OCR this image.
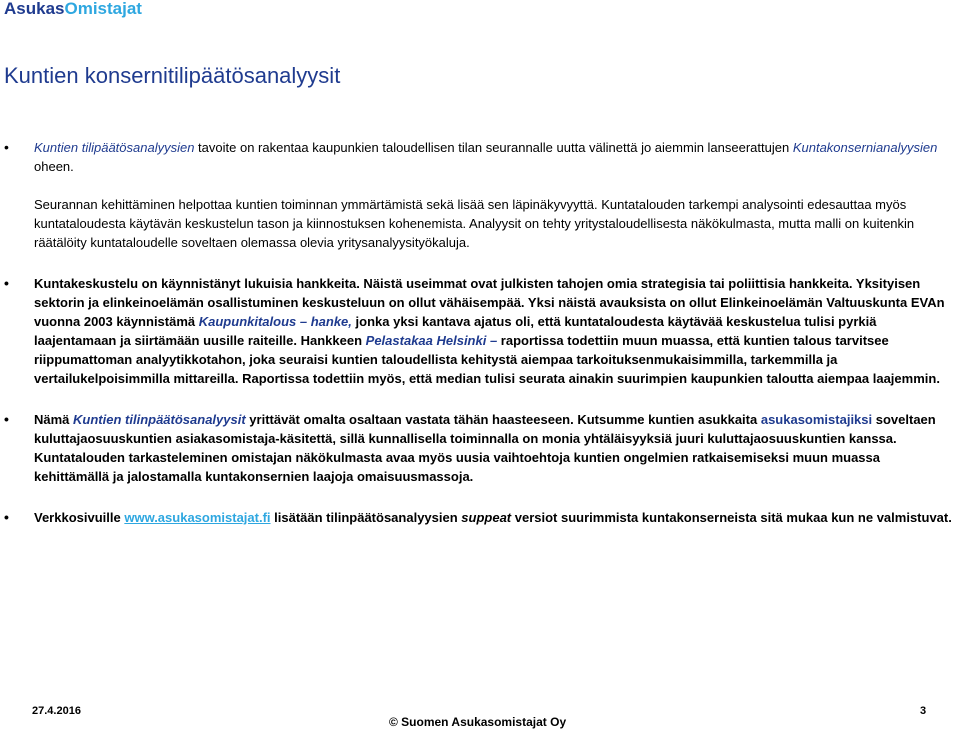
AsukasOmistajat
Kuntien konsernitilipäätösanalyysit
• Kuntien tilipäätösanalyysien tavoite on rakentaa kaupunkien taloudellisen tilan seurannalle uutta välinettä jo aiemmin lanseerattujen Kuntakonsernianalyysien oheen.

Seurannan kehittäminen helpottaa kuntien toiminnan ymmärtämistä sekä lisää sen läpinäkyvyyttä. Kuntatalouden tarkempi analysointi edesauttaa myös kuntataloudesta käytävän keskustelun tason ja kiinnostuksen kohenemista. Analyysit on tehty yritystaloudellisesta näkökulmasta, mutta malli on kuitenkin räätälöity kuntataloudelle soveltaen olemassa olevia yritysanalyysityökaluja.

• Kuntakeskustelu on käynnistänyt lukuisia hankkeita. Näistä useimmat ovat julkisten tahojen omia strategisia tai poliittisia hankkeita. Yksityisen sektorin ja elinkeinoelämän osallistuminen keskusteluun on ollut vähäisempää. Yksi näistä avauksista on ollut Elinkeinoelämän Valtuuskunta EVAn vuonna 2003 käynnistämä Kaupunkitalous – hanke, jonka yksi kantava ajatus oli, että kuntataloudesta käytävää keskustelua tulisi pyrkiä laajentamaan ja siirtämään uusille raiteille. Hankkeen Pelastakaa Helsinki – raportissa todettiin muun muassa, että kuntien talous tarvitsee riippumattoman analyytikkotahon, joka seuraisi kuntien taloudellista kehitystä aiempaa tarkoituksenmukaisimmilla, tarkemmilla ja vertailukelpoisimmilla mittareilla. Raportissa todettiin myös, että median tulisi seurata ainakin suurimpien kaupunkien taloutta aiempaa laajemmin.

• Nämä Kuntien tilinpäätösanalyysit yrittävät omalta osaltaan vastata tähän haasteeseen. Kutsumme kuntien asukkaita asukasomistajiksi soveltaen kuluttajaosuuskuntien asiakasomistaja-käsitettä, sillä kunnallisella toiminnalla on monia yhtäläisyyksiä juuri kuluttajaosuuskuntien kanssa. Kuntatalouden tarkasteleminen omistajan näkökulmasta avaa myös uusia vaihtoehtoja kuntien ongelmien ratkaisemiseksi muun muassa kehittämällä ja jalostamalla kuntakonsernien laajoja omaisuusmassoja.

• Verkkosivuille www.asukasomistajat.fi lisätään tilinpäätösanalyysien suppeat versiot suurimmista kuntakonserneista sitä mukaa kun ne valmistuvat.

27.4.2016
© Suomen Asukasomistajat Oy
3
